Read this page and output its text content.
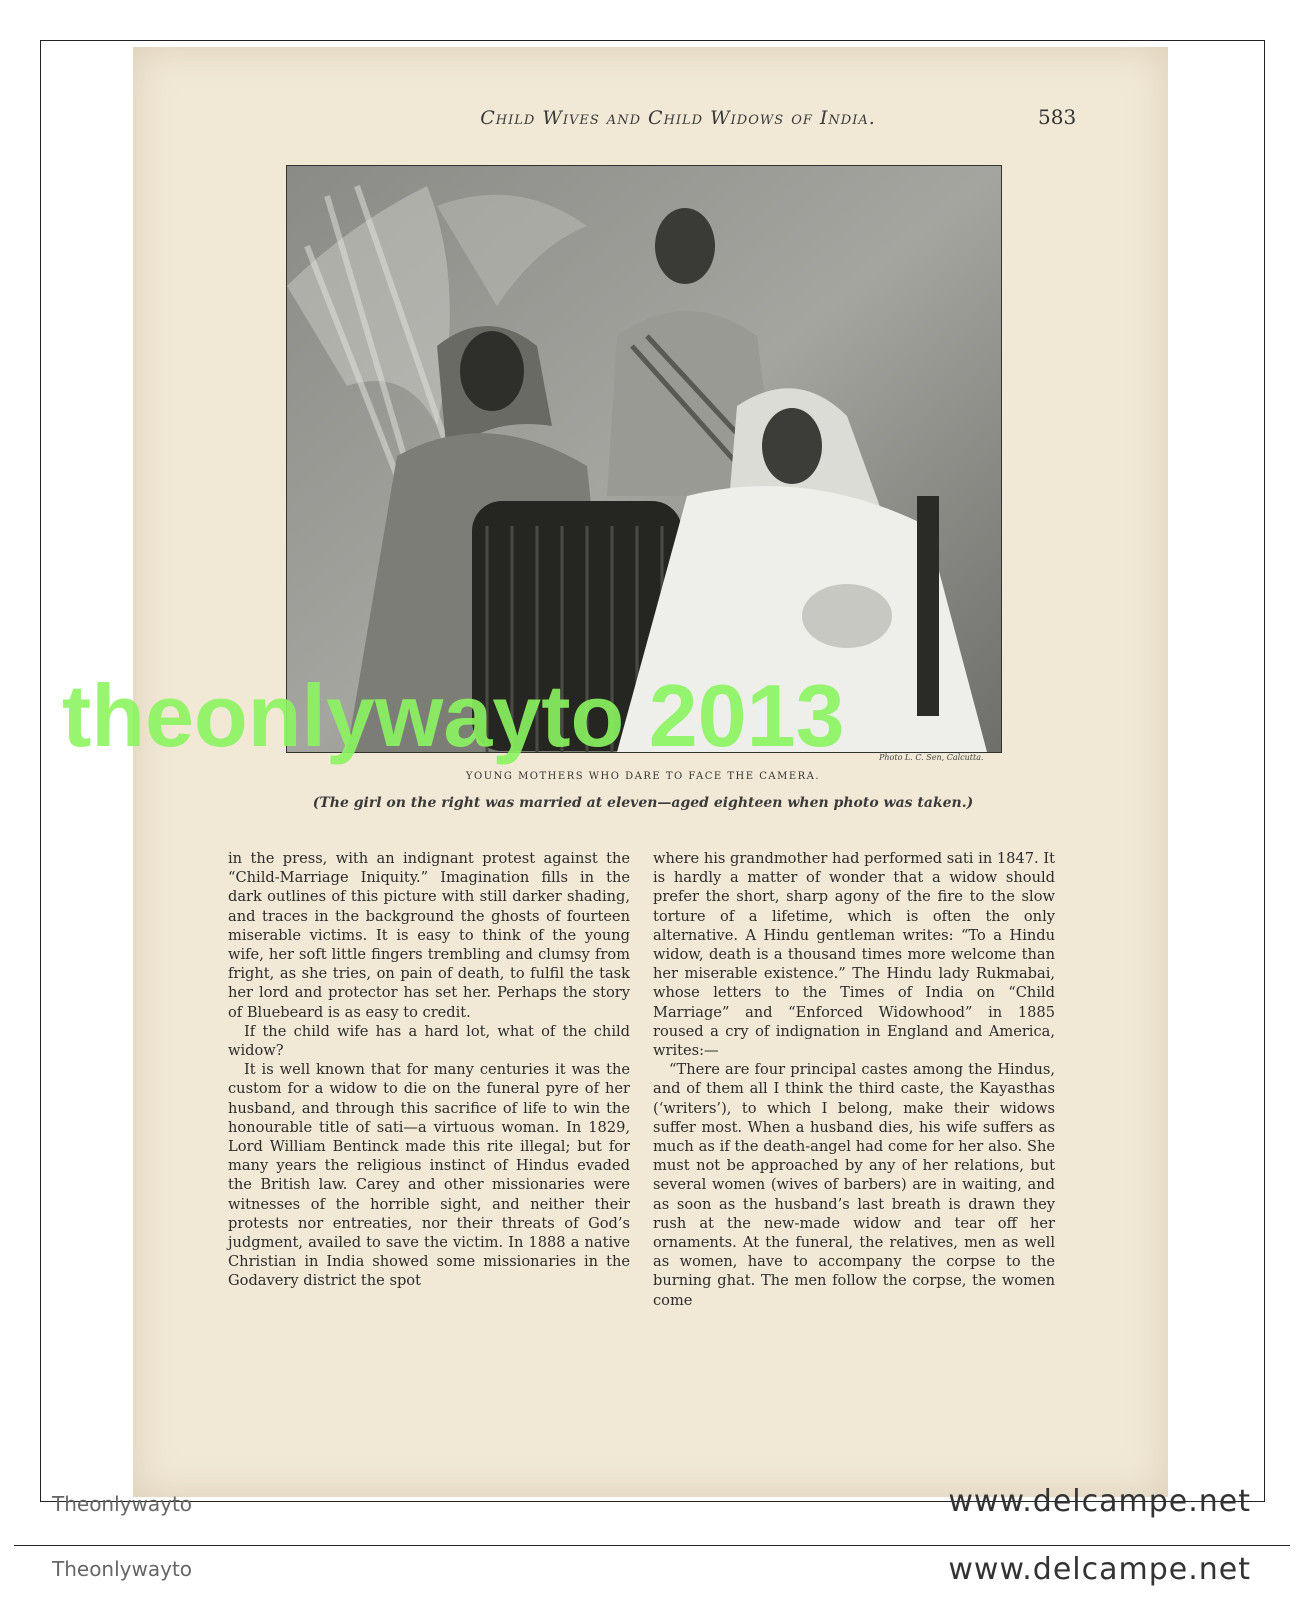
Child Wives and Child Widows of India.	583
Photo L. C. Sen, Calcutta.
YOUNG MOTHERS WHO DARE TO FACE THE CAMERA.
(The girl on the right was married at eleven—aged eighteen when photo was taken.)

in the press, with an indignant protest against the “Child-Marriage Iniquity.” Imagination fills in the dark outlines of this picture with still darker shading, and traces in the background the ghosts of fourteen miserable victims. It is easy to think of the young wife, her soft little fingers trembling and clumsy from fright, as she tries, on pain of death, to fulfil the task her lord and protector has set her. Perhaps the story of Bluebeard is as easy to credit.

If the child wife has a hard lot, what of the child widow?

It is well known that for many centuries it was the custom for a widow to die on the funeral pyre of her husband, and through this sacrifice of life to win the honourable title of sati—a virtuous woman. In 1829, Lord William Bentinck made this rite illegal; but for many years the religious instinct of Hindus evaded the British law. Carey and other missionaries were witnesses of the horrible sight, and neither their protests nor entreaties, nor their threats of God’s judgment, availed to save the victim. In 1888 a native Christian in India showed some missionaries in the Godavery district the spot

where his grandmother had performed sati in 1847. It is hardly a matter of wonder that a widow should prefer the short, sharp agony of the fire to the slow torture of a lifetime, which is often the only alternative. A Hindu gentleman writes: “To a Hindu widow, death is a thousand times more welcome than her miserable existence.” The Hindu lady Rukmabai, whose letters to the Times of India on “Child Marriage” and “Enforced Widowhood” in 1885 roused a cry of indignation in England and America, writes:—

“There are four principal castes among the Hindus, and of them all I think the third caste, the Kayasthas (‘writers’), to which I belong, make their widows suffer most. When a husband dies, his wife suffers as much as if the death-angel had come for her also. She must not be approached by any of her relations, but several women (wives of barbers) are in waiting, and as soon as the husband’s last breath is drawn they rush at the new-made widow and tear off her ornaments. At the funeral, the relatives, men as well as women, have to accompany the corpse to the burning ghat. The men follow the corpse, the women come

theonlywayto 2013
Theonlywayto	www.delcampe.net
Theonlywayto	www.delcampe.net
